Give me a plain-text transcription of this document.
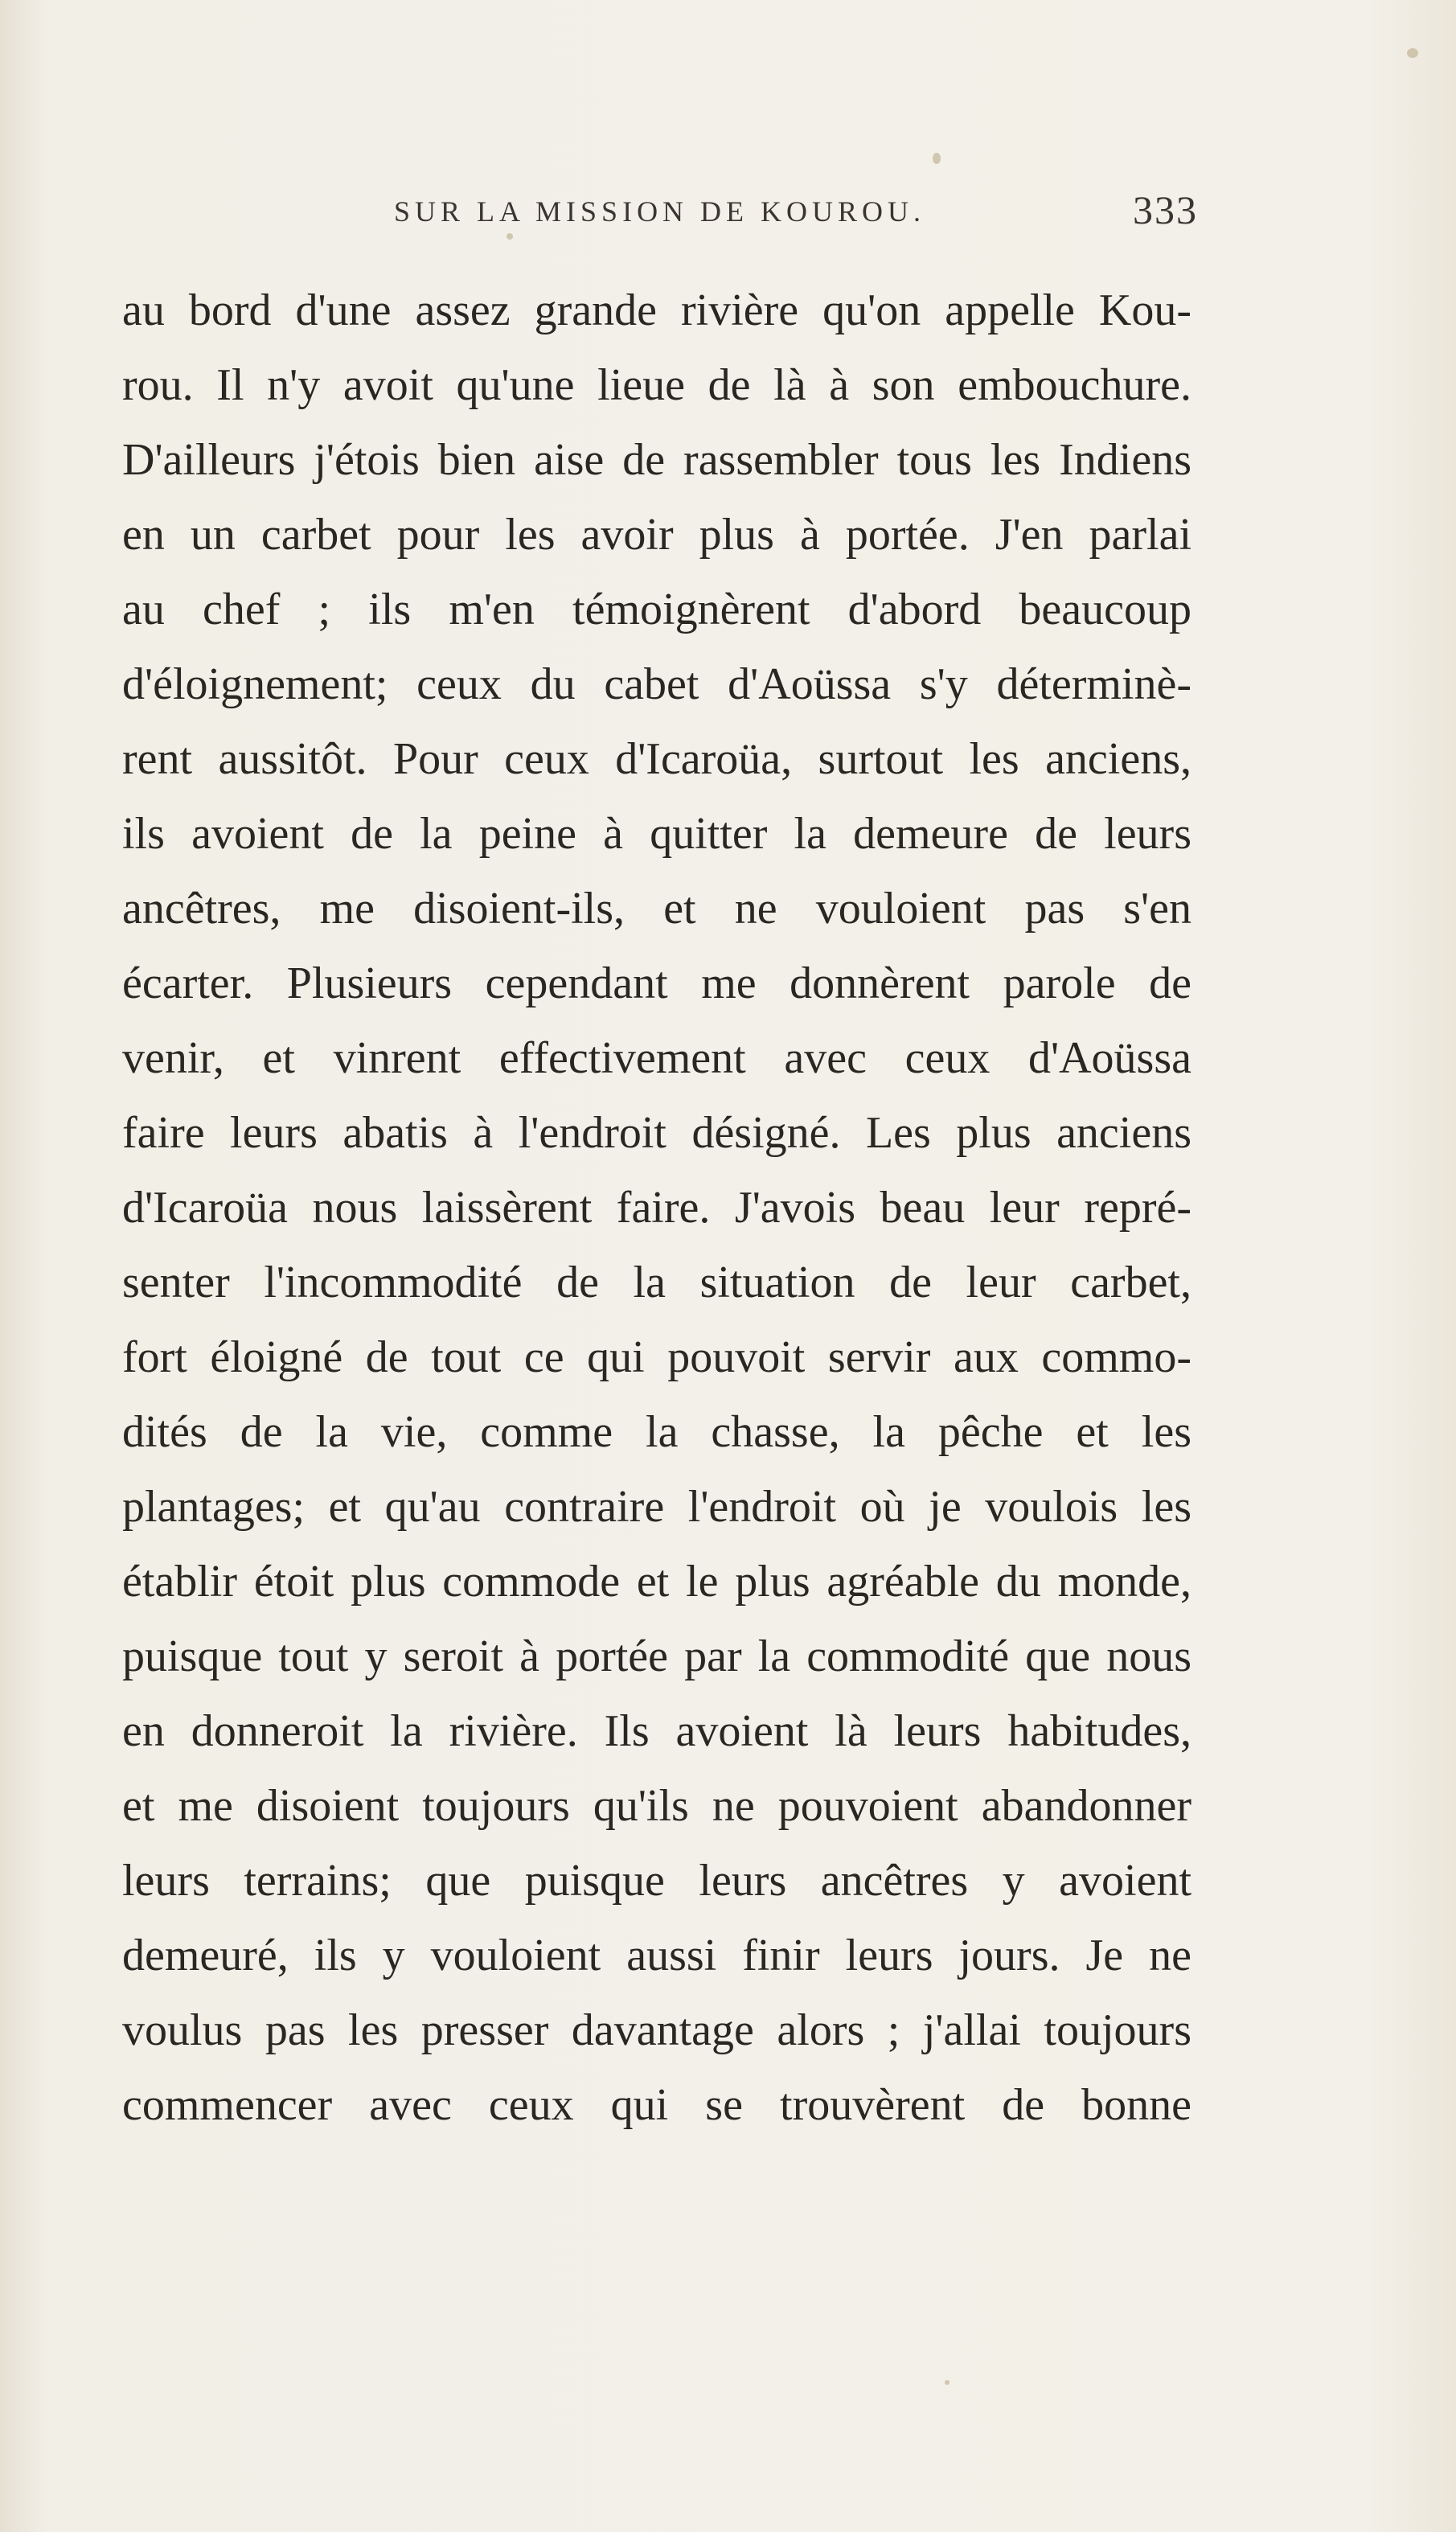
SUR LA MISSION DE KOUROU.	333
au bord d'une assez grande rivière qu'on appelle Kou-
rou. Il n'y avoit qu'une lieue de là à son embouchure.
D'ailleurs j'étois bien aise de rassembler tous les Indiens
en un carbet pour les avoir plus à portée. J'en parlai
au chef ; ils m'en témoignèrent d'abord beaucoup
d'éloignement; ceux du cabet d'Aoüssa s'y déterminè-
rent aussitôt. Pour ceux d'Icaroüa, surtout les anciens,
ils avoient de la peine à quitter la demeure de leurs
ancêtres, me disoient-ils, et ne vouloient pas s'en
écarter. Plusieurs cependant me donnèrent parole de
venir, et vinrent effectivement avec ceux d'Aoüssa
faire leurs abatis à l'endroit désigné. Les plus anciens
d'Icaroüa nous laissèrent faire. J'avois beau leur repré-
senter l'incommodité de la situation de leur carbet,
fort éloigné de tout ce qui pouvoit servir aux commo-
dités de la vie, comme la chasse, la pêche et les
plantages; et qu'au contraire l'endroit où je voulois les
établir étoit plus commode et le plus agréable du monde,
puisque tout y seroit à portée par la commodité que nous
en donneroit la rivière. Ils avoient là leurs habitudes,
et me disoient toujours qu'ils ne pouvoient abandonner
leurs terrains; que puisque leurs ancêtres y avoient
demeuré, ils y vouloient aussi finir leurs jours. Je ne
voulus pas les presser davantage alors ; j'allai toujours
commencer avec ceux qui se trouvèrent de bonne
